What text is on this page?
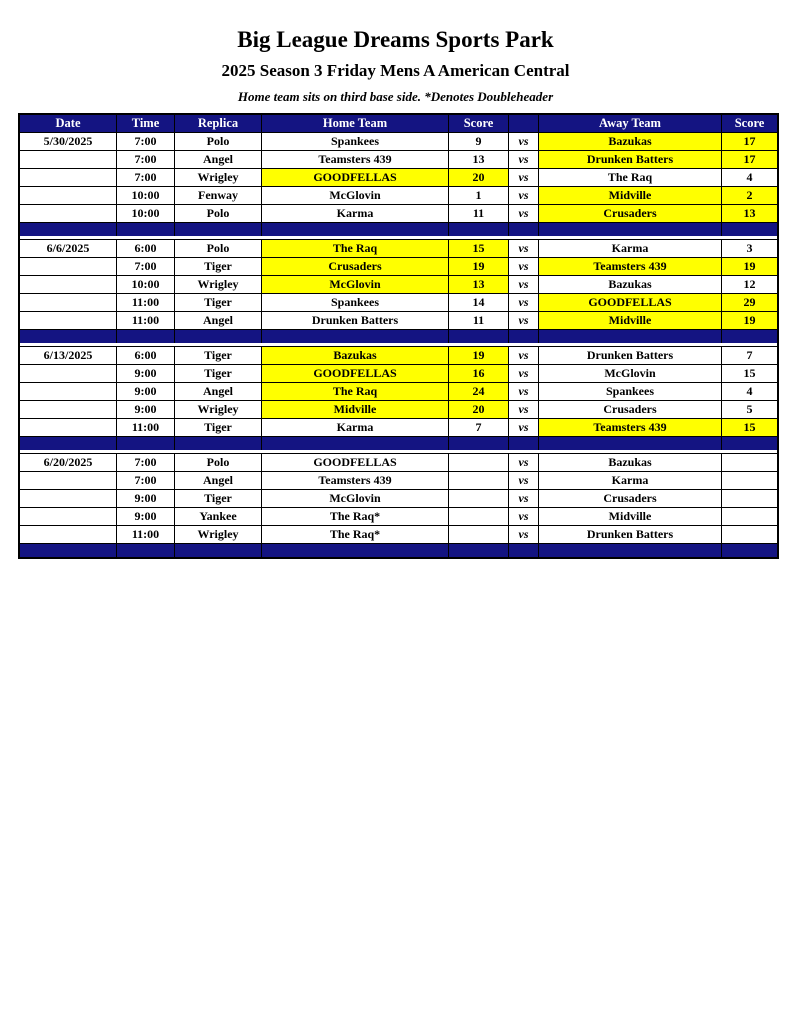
Big League Dreams Sports Park
2025 Season 3 Friday Mens A American Central

Home team sits on third base side. *Denotes Doubleheader

Date	Time	Replica	Home Team	Score		Away Team	Score
5/30/2025	7:00	Polo	Spankees	9	vs	Bazukas	17
	7:00	Angel	Teamsters 439	13	vs	Drunken Batters	17
	7:00	Wrigley	GOODFELLAS	20	vs	The Raq	4
	10:00	Fenway	McGlovin	1	vs	Midville	2
	10:00	Polo	Karma	11	vs	Crusaders	13

6/6/2025	6:00	Polo	The Raq	15	vs	Karma	3
	7:00	Tiger	Crusaders	19	vs	Teamsters 439	19
	10:00	Wrigley	McGlovin	13	vs	Bazukas	12
	11:00	Tiger	Spankees	14	vs	GOODFELLAS	29
	11:00	Angel	Drunken Batters	11	vs	Midville	19

6/13/2025	6:00	Tiger	Bazukas	19	vs	Drunken Batters	7
	9:00	Tiger	GOODFELLAS	16	vs	McGlovin	15
	9:00	Angel	The Raq	24	vs	Spankees	4
	9:00	Wrigley	Midville	20	vs	Crusaders	5
	11:00	Tiger	Karma	7	vs	Teamsters 439	15

6/20/2025	7:00	Polo	GOODFELLAS		vs	Bazukas	
	7:00	Angel	Teamsters 439		vs	Karma	
	9:00	Tiger	McGlovin		vs	Crusaders	
	9:00	Yankee	The Raq*		vs	Midville	
	11:00	Wrigley	The Raq*		vs	Drunken Batters	
